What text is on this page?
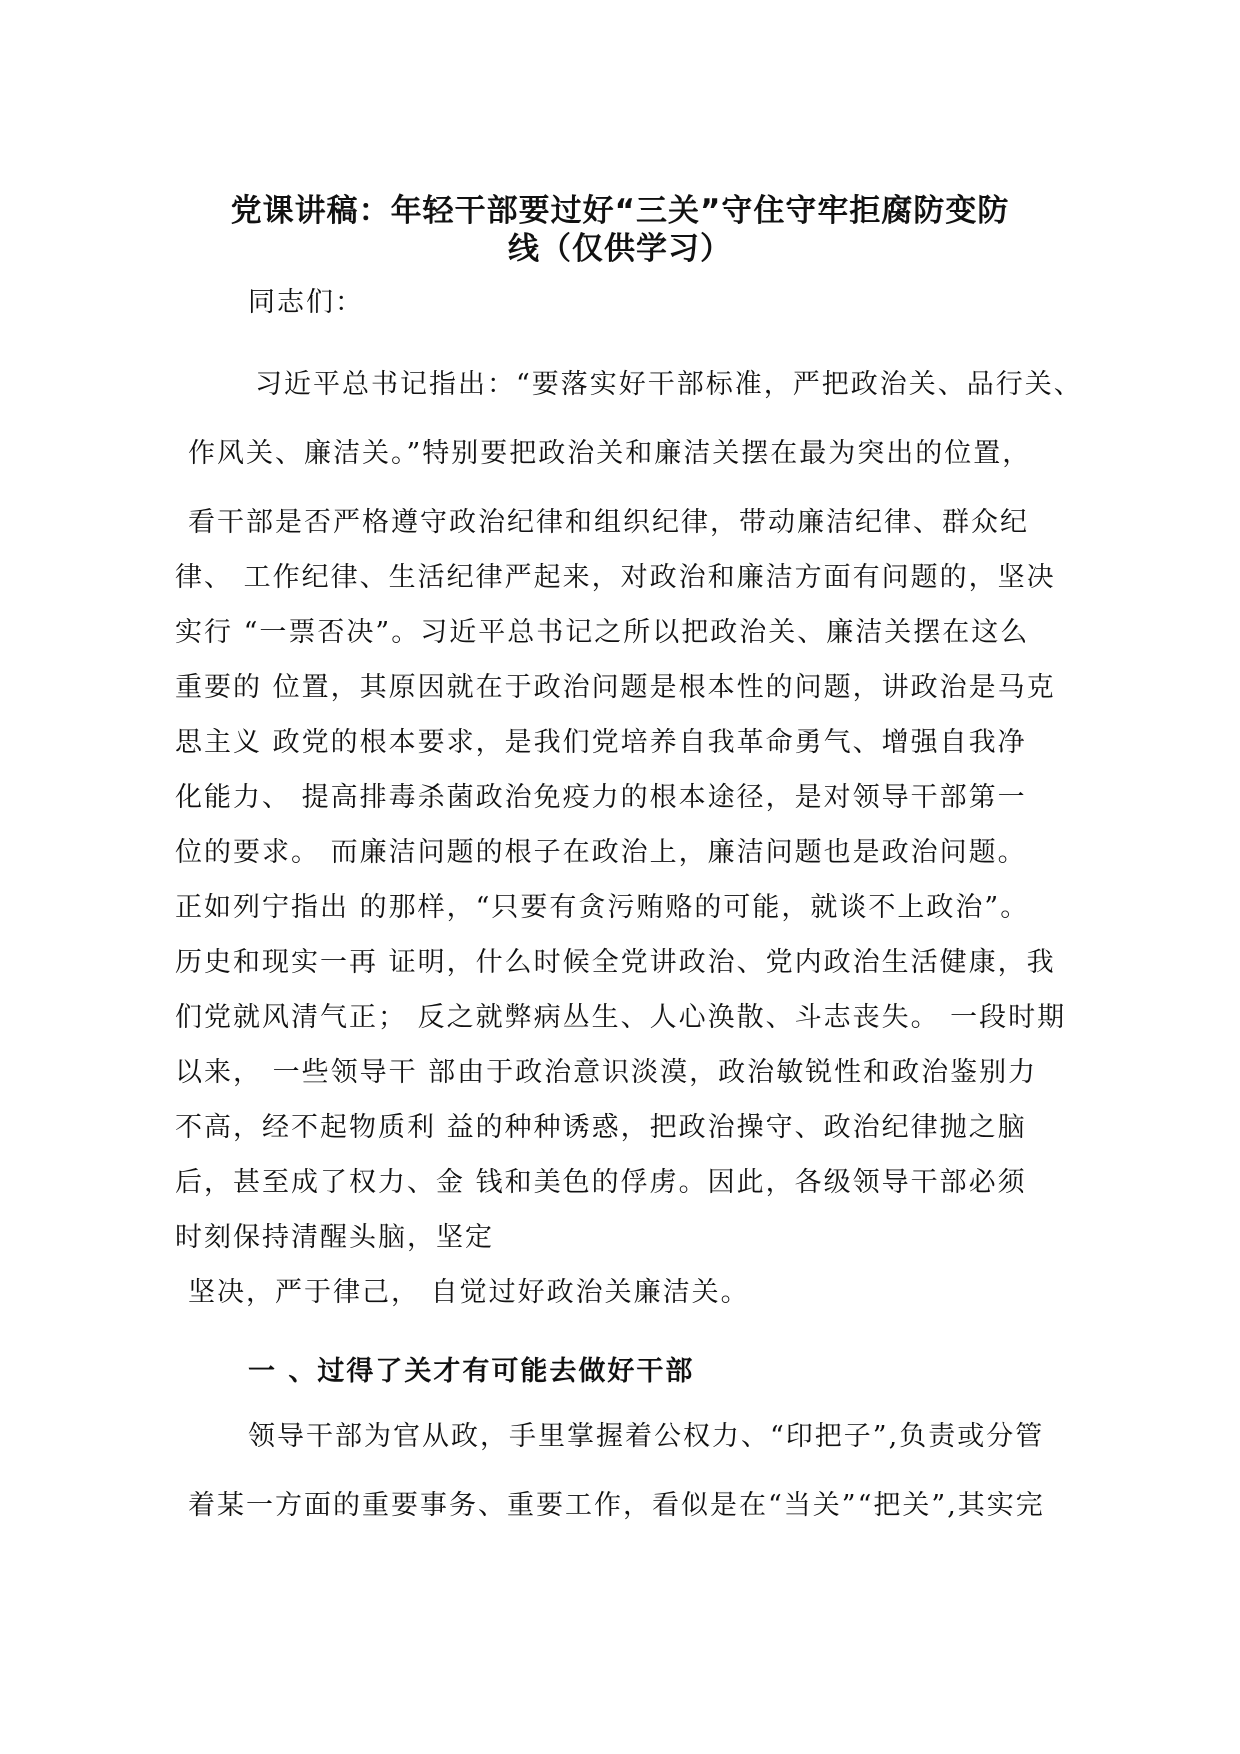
党课讲稿：年轻干部要过好“三关”守住守牢拒腐防变防
线（仅供学习）

同志们：

习近平总书记指出：“要落实好干部标准，严把政治关、品行关、

作风关、廉洁关。”特别要把政治关和廉洁关摆在最为突出的位置，

看干部是否严格遵守政治纪律和组织纪律，带动廉洁纪律、群众纪

律、 工作纪律、生活纪律严起来，对政治和廉洁方面有问题的，坚决

实行 “一票否决”。习近平总书记之所以把政治关、廉洁关摆在这么

重要的 位置，其原因就在于政治问题是根本性的问题，讲政治是马克

思主义 政党的根本要求，是我们党培养自我革命勇气、增强自我净

化能力、 提高排毒杀菌政治免疫力的根本途径，是对领导干部第一

位的要求。 而廉洁问题的根子在政治上，廉洁问题也是政治问题。

正如列宁指出 的那样，“只要有贪污贿赂的可能，就谈不上政治”。

历史和现实一再 证明，什么时候全党讲政治、党内政治生活健康，我

们党就风清气正； 反之就弊病丛生、人心涣散、斗志丧失。 一段时期

以来， 一些领导干 部由于政治意识淡漠，政治敏锐性和政治鉴别力

不高，经不起物质利 益的种种诱惑，把政治操守、政治纪律抛之脑

后，甚至成了权力、金 钱和美色的俘虏。因此，各级领导干部必须

时刻保持清醒头脑，坚定

坚决，严于律己， 自觉过好政治关廉洁关。

一 、过得了关才有可能去做好干部

领导干部为官从政，手里掌握着公权力、“印把子”,负责或分管

着某一方面的重要事务、重要工作，看似是在“当关”“把关”,其实完
